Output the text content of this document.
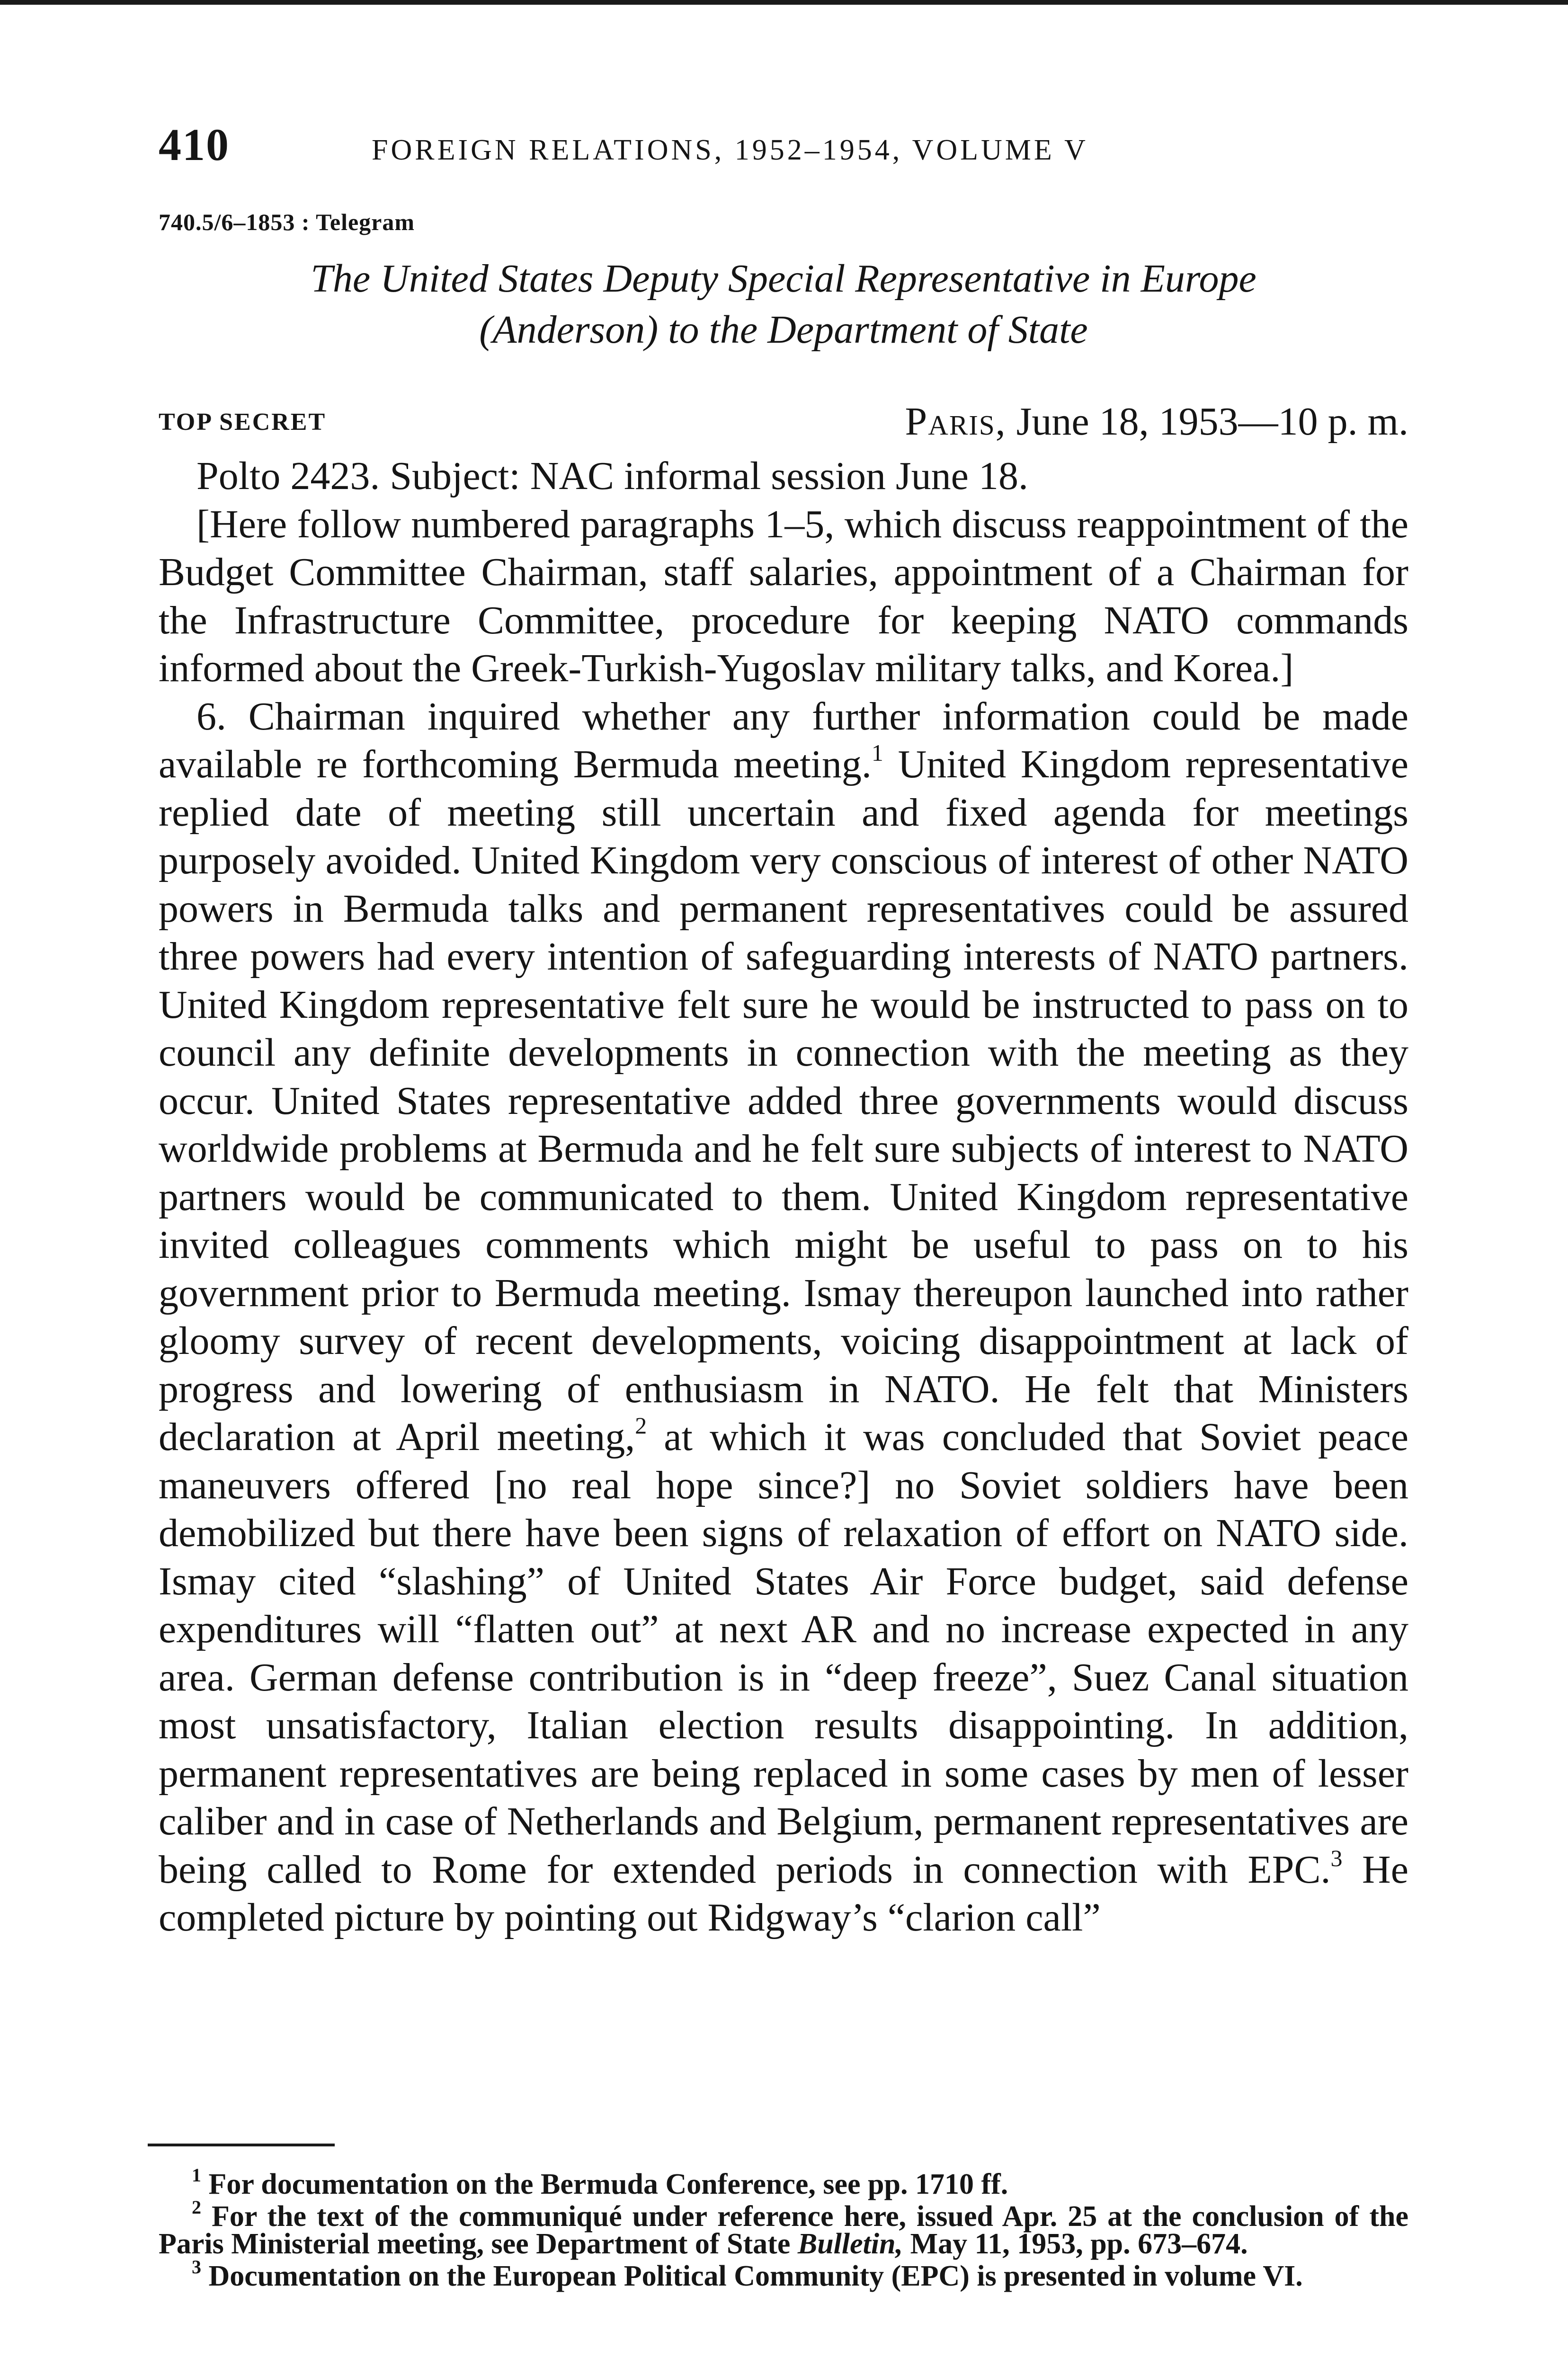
410	FOREIGN RELATIONS, 1952–1954, VOLUME V
740.5/6–1853 : Telegram
The United States Deputy Special Representative in Europe
(Anderson) to the Department of State
TOP SECRET	Paris, June 18, 1953—10 p. m.

Polto 2423. Subject: NAC informal session June 18.

[Here follow numbered paragraphs 1–5, which discuss reappointment of the Budget Committee Chairman, staff salaries, appointment of a Chairman for the Infrastructure Committee, procedure for keeping NATO commands informed about the Greek-Turkish-Yugoslav military talks, and Korea.]

6. Chairman inquired whether any further information could be made available re forthcoming Bermuda meeting.$^1$ United Kingdom representative replied date of meeting still uncertain and fixed agenda for meetings purposely avoided. United Kingdom very conscious of interest of other NATO powers in Bermuda talks and permanent representatives could be assured three powers had every intention of safeguarding interests of NATO partners. United Kingdom representative felt sure he would be instructed to pass on to council any definite developments in connection with the meeting as they occur. United States representative added three governments would discuss worldwide problems at Bermuda and he felt sure subjects of interest to NATO partners would be communicated to them. United Kingdom representative invited colleagues comments which might be useful to pass on to his government prior to Bermuda meeting. Ismay thereupon launched into rather gloomy survey of recent developments, voicing disappointment at lack of progress and lowering of enthusiasm in NATO. He felt that Ministers declaration at April meeting,$^2$ at which it was concluded that Soviet peace maneuvers offered [no real hope since?] no Soviet soldiers have been demobilized but there have been signs of relaxation of effort on NATO side. Ismay cited “slashing” of United States Air Force budget, said defense expenditures will “flatten out” at next AR and no increase expected in any area. German defense contribution is in “deep freeze”, Suez Canal situation most unsatisfactory, Italian election results disappointing. In addition, permanent representatives are being replaced in some cases by men of lesser caliber and in case of Netherlands and Belgium, permanent representatives are being called to Rome for extended periods in connection with EPC.$^3$ He completed picture by pointing out Ridgway’s “clarion call”

$^1$ For documentation on the Bermuda Conference, see pp. 1710 ff.

$^2$ For the text of the communiqué under reference here, issued Apr. 25 at the conclusion of the Paris Ministerial meeting, see Department of State Bulletin, May 11, 1953, pp. 673–674.

$^3$ Documentation on the European Political Community (EPC) is presented in volume VI.
